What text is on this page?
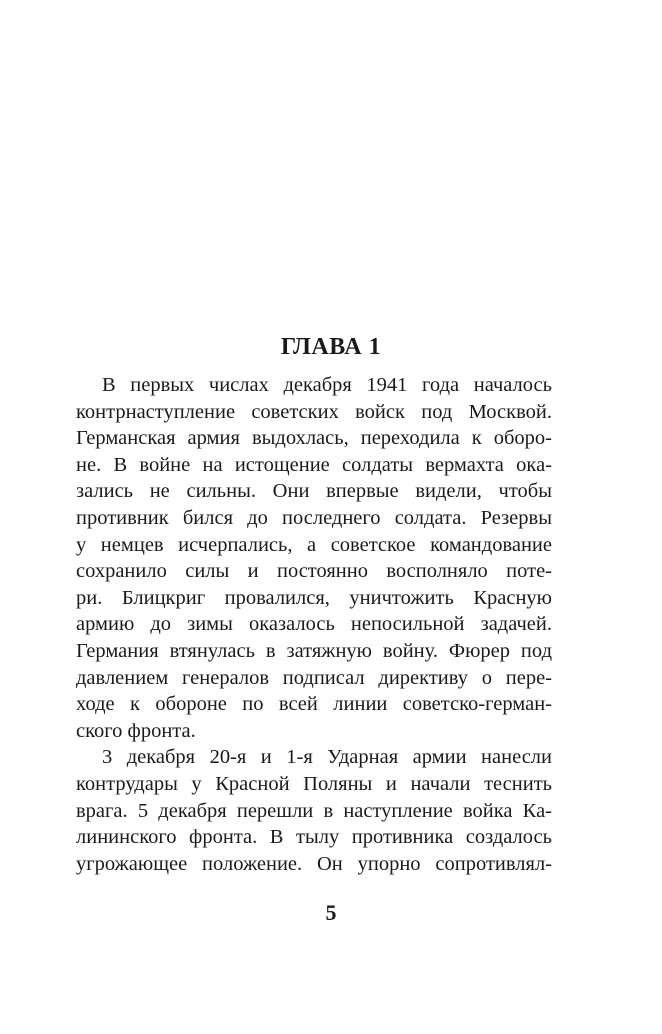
ГЛАВА 1
В первых числах декабря 1941 года началось
контрнаступление советских войск под Москвой.
Германская армия выдохлась, переходила к оборо-
не. В войне на истощение солдаты вермахта ока-
зались не сильны. Они впервые видели, чтобы
противник бился до последнего солдата. Резервы
у немцев исчерпались, а советское командование
сохранило силы и постоянно восполняло поте-
ри. Блицкриг провалился, уничтожить Красную
армию до зимы оказалось непосильной задачей.
Германия втянулась в затяжную войну. Фюрер под
давлением генералов подписал директиву о пере-
ходе к обороне по всей линии советско-герман-
ского фронта.
3 декабря 20-я и 1-я Ударная армии нанесли
контрудары у Красной Поляны и начали теснить
врага. 5 декабря перешли в наступление войка Ка-
лининского фронта. В тылу противника создалось
угрожающее положение. Он упорно сопротивлял-
5
